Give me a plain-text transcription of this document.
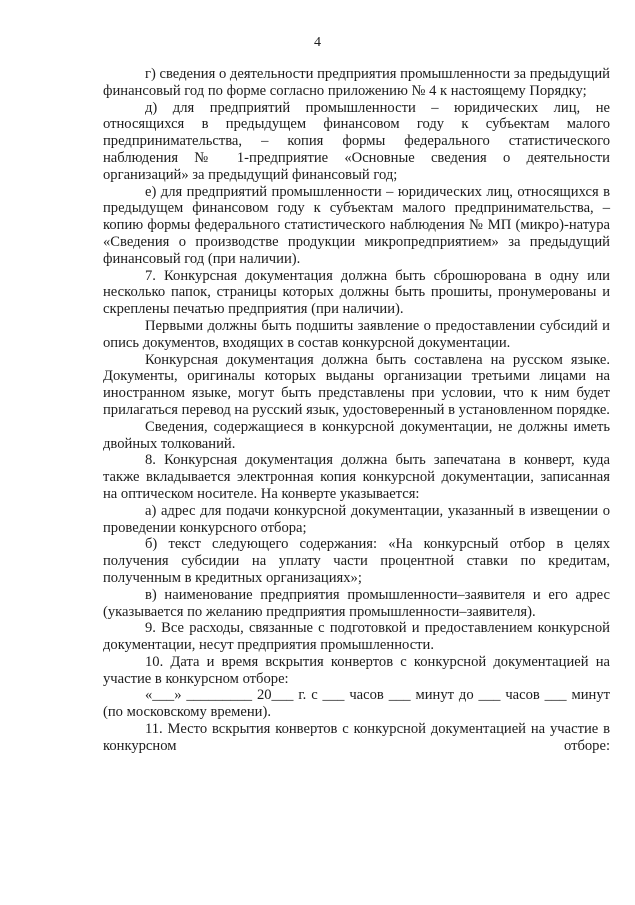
4

г) сведения о деятельности предприятия промышленности за предыдущий финансовый год по форме согласно приложению № 4 к настоящему Порядку;

д) для предприятий промышленности – юридических лиц, не относящихся в предыдущем финансовом году к субъектам малого предпринимательства, – копия формы федерального статистического наблюдения № 1-предприятие «Основные сведения о деятельности организаций» за предыдущий финансовый год;

е) для предприятий промышленности – юридических лиц, относящихся в предыдущем финансовом году к субъектам малого предпринимательства, – копию формы федерального статистического наблюдения № МП (микро)-натура «Сведения о производстве продукции микропредприятием» за предыдущий финансовый год (при наличии).

7. Конкурсная документация должна быть сброшюрована в одну или несколько папок, страницы которых должны быть прошиты, пронумерованы и скреплены печатью предприятия (при наличии).

Первыми должны быть подшиты заявление о предоставлении субсидий и опись документов, входящих в состав конкурсной документации.

Конкурсная документация должна быть составлена на русском языке. Документы, оригиналы которых выданы организации третьими лицами на иностранном языке, могут быть представлены при условии, что к ним будет прилагаться перевод на русский язык, удостоверенный в установленном порядке.

Сведения, содержащиеся в конкурсной документации, не должны иметь двойных толкований.

8. Конкурсная документация должна быть запечатана в конверт, куда также вкладывается электронная копия конкурсной документации, записанная на оптическом носителе. На конверте указывается:

а) адрес для подачи конкурсной документации, указанный в извещении о проведении конкурсного отбора;

б) текст следующего содержания: «На конкурсный отбор в целях получения субсидии на уплату части процентной ставки по кредитам, полученным в кредитных организациях»;

в) наименование предприятия промышленности–заявителя и его адрес (указывается по желанию предприятия промышленности–заявителя).

9. Все расходы, связанные с подготовкой и предоставлением конкурсной документации, несут предприятия промышленности.

10. Дата и время вскрытия конвертов с конкурсной документацией на участие в конкурсном отборе:

«___» _________ 20___ г. с ___ часов ___ минут до ___ часов ___ минут (по московскому времени).

11. Место вскрытия конвертов с конкурсной документацией на участие в конкурсном отборе:
